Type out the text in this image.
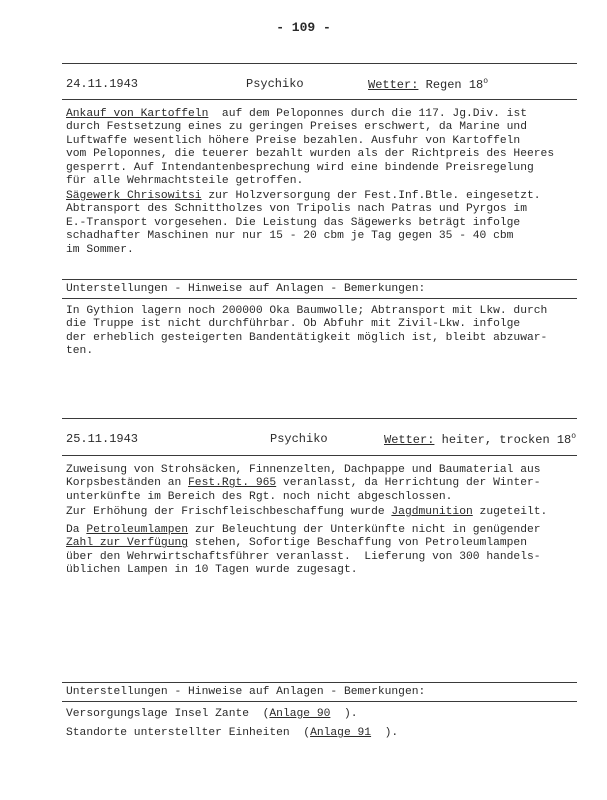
- 109 -
24.11.1943	Psychiko	Wetter: Regen 18$^o$
Ankauf von Kartoffeln  auf dem Peloponnes durch die 117. Jg.Div. ist
durch Festsetzung eines zu geringen Preises erschwert, da Marine und
Luftwaffe wesentlich höhere Preise bezahlen. Ausfuhr von Kartoffeln
vom Peloponnes, die teuerer bezahlt wurden als der Richtpreis des Heeres
gesperrt. Auf Intendantenbesprechung wird eine bindende Preisregelung
für alle Wehrmachtsteile getroffen.
Sägewerk Chrisowitsi zur Holzversorgung der Fest.Inf.Btle. eingesetzt.
Abtransport des Schnittholzes von Tripolis nach Patras und Pyrgos im
E.-Transport vorgesehen. Die Leistung das Sägewerks beträgt infolge
schadhafter Maschinen nur nur 15 - 20 cbm je Tag gegen 35 - 40 cbm
im Sommer.
Unterstellungen - Hinweise auf Anlagen - Bemerkungen:
In Gythion lagern noch 200000 Oka Baumwolle; Abtransport mit Lkw. durch
die Truppe ist nicht durchführbar. Ob Abfuhr mit Zivil-Lkw. infolge
der erheblich gesteigerten Bandentätigkeit möglich ist, bleibt abzuwar-
ten.
25.11.1943	Psychiko	Wetter: heiter, trocken 18$^o$
Zuweisung von Strohsäcken, Finnenzelten, Dachpappe und Baumaterial aus
Korpsbeständen an Fest.Rgt. 965 veranlasst, da Herrichtung der Winter-
unterkünfte im Bereich des Rgt. noch nicht abgeschlossen.
Zur Erhöhung der Frischfleischbeschaffung wurde Jagdmunition zugeteilt.
Da Petroleumlampen zur Beleuchtung der Unterkünfte nicht in genügender
Zahl zur Verfügung stehen, Sofortige Beschaffung von Petroleumlampen
über den Wehrwirtschaftsführer veranlasst.  Lieferung von 300 handels-
üblichen Lampen in 10 Tagen wurde zugesagt.
Unterstellungen - Hinweise auf Anlagen - Bemerkungen:
Versorgungslage Insel Zante  (Anlage 90  ).
Standorte unterstellter Einheiten  (Anlage 91  ).
